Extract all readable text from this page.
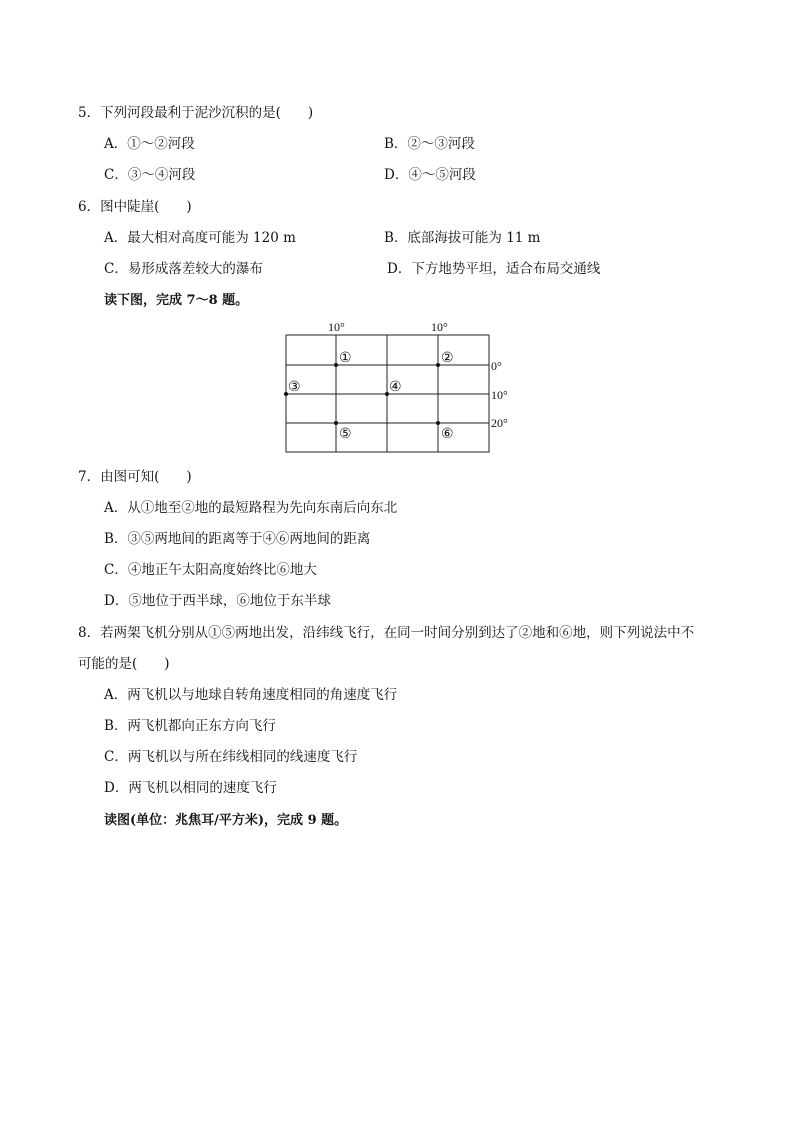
5．下列河段最利于泥沙沉积的是(　　)
A．①～②河段	B．②～③河段
C．③～④河段	D．④～⑤河段
6．图中陡崖(　　)
A．最大相对高度可能为 120 m	B．底部海拔可能为 11 m
C．易形成落差较大的瀑布	D．下方地势平坦，适合布局交通线
读下图，完成 7～8 题。
10°	10°
0°
10°
20°
①	②
③	④
⑤	⑥
7．由图可知(　　)
A．从①地至②地的最短路程为先向东南后向东北
B．③⑤两地间的距离等于④⑥两地间的距离
C．④地正午太阳高度始终比⑥地大
D．⑤地位于西半球，⑥地位于东半球
8．若两架飞机分别从①⑤两地出发，沿纬线飞行，在同一时间分别到达了②地和⑥地，则下列说法中不
可能的是(　　)
A．两飞机以与地球自转角速度相同的角速度飞行
B．两飞机都向正东方向飞行
C．两飞机以与所在纬线相同的线速度飞行
D．两飞机以相同的速度飞行
读图(单位：兆焦耳/平方米)，完成 9 题。
